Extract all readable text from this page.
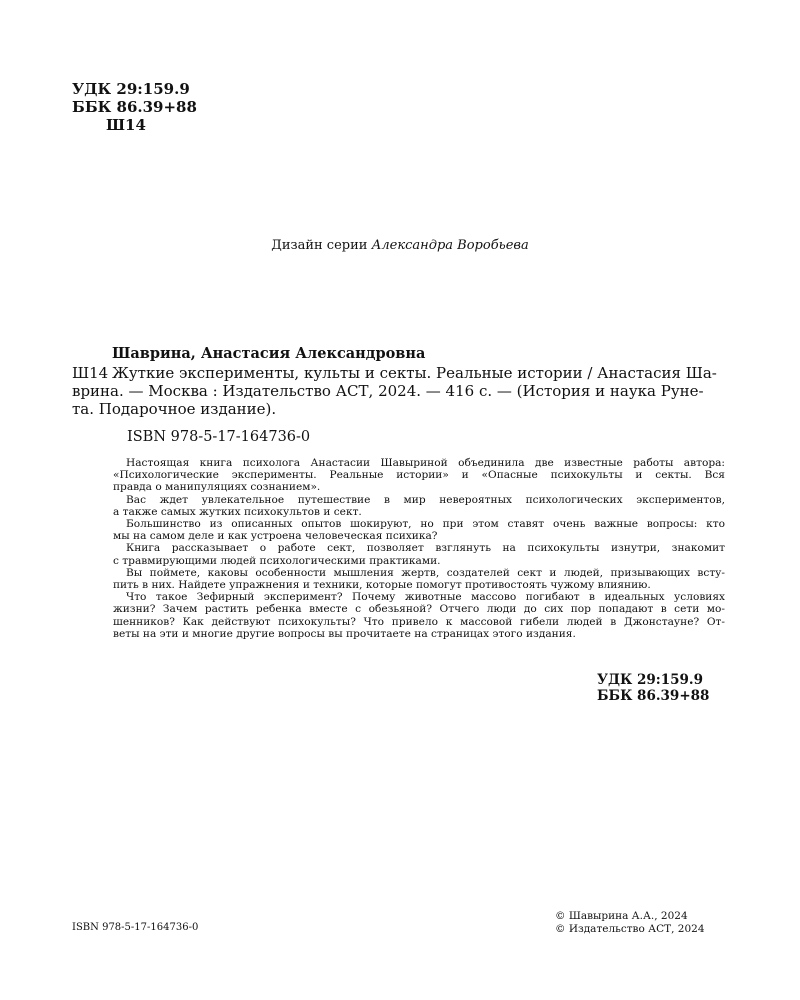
УДК 29:159.9
ББК 86.39+88
Ш14
Дизайн серии Александра Воробьева
Шаврина, Анастасия Александровна
Ш14 Жуткие эксперименты, культы и секты. Реальные истории / Анастасия Ша-
врина. — Москва : Издательство АСТ, 2024. — 416 с. — (История и наука Руне-
та. Подарочное издание).
ISBN 978-5-17-164736-0
Настоящая книга психолога Анастасии Шавыриной объединила две известные работы автора:
«Психологические эксперименты. Реальные истории» и «Опасные психокульты и секты. Вся
правда о манипуляциях сознанием».
Вас ждет увлекательное путешествие в мир невероятных психологических экспериментов,
а также самых жутких психокультов и сект.
Большинство из описанных опытов шокируют, но при этом ставят очень важные вопросы: кто
мы на самом деле и как устроена человеческая психика?
Книга рассказывает о работе сект, позволяет взглянуть на психокульты изнутри, знакомит
с травмирующими людей психологическими практиками.
Вы поймете, каковы особенности мышления жертв, создателей сект и людей, призывающих всту-
пить в них. Найдете упражнения и техники, которые помогут противостоять чужому влиянию.
Что такое Зефирный эксперимент? Почему животные массово погибают в идеальных условиях
жизни? Зачем растить ребенка вместе с обезьяной? Отчего люди до сих пор попадают в сети мо-
шенников? Как действуют психокульты? Что привело к массовой гибели людей в Джонстауне? От-
веты на эти и многие другие вопросы вы прочитаете на страницах этого издания.
УДК 29:159.9
ББК 86.39+88
ISBN 978-5-17-164736-0
© Шавырина А.А., 2024
© Издательство АСТ, 2024
